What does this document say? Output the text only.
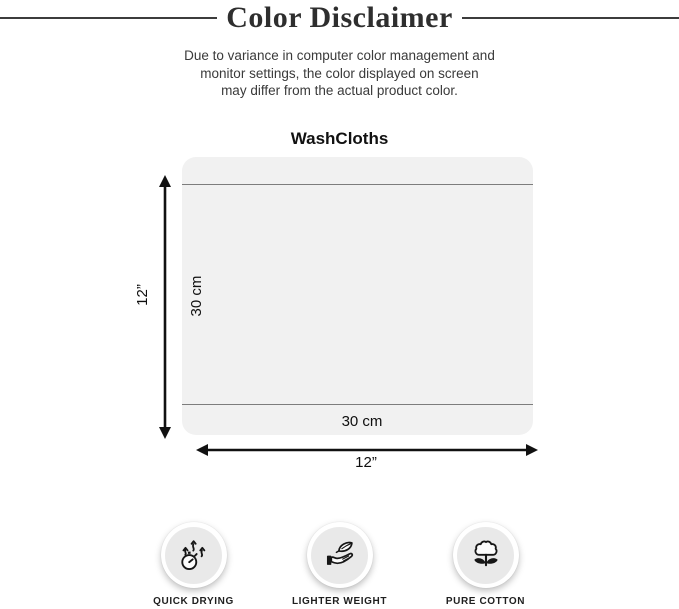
Color Disclaimer
Due to variance in computer color management and
monitor settings, the color displayed on screen
may differ from the actual product color.
WashCloths
12” 30 cm
30 cm
12”
QUICK DRYING	LIGHTER WEIGHT	PURE COTTON
